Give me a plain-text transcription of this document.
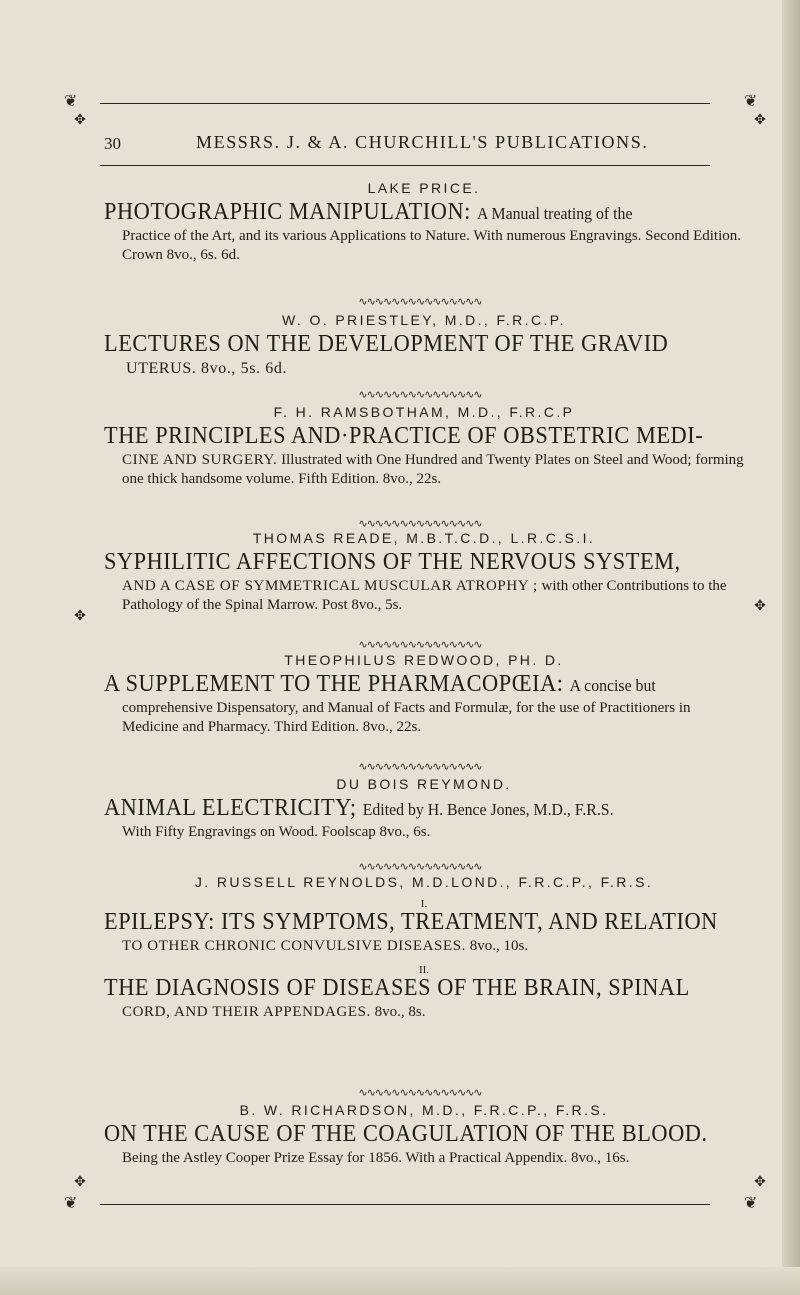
❦	❦
30	MESSRS. J. & A. CHURCHILL'S PUBLICATIONS.
✥
✥
✥
✥
✥
✥

LAKE PRICE.

PHOTOGRAPHIC MANIPULATION: A Manual treating of the

Practice of the Art, and its various Applications to Nature. With numerous Engravings. Second Edition. Crown 8vo., 6s. 6d.

∿∿∿∿∿∿∿∿∿∿∿∿∿∿∿

W. O. PRIESTLEY, M.D., F.R.C.P.

LECTURES ON THE DEVELOPMENT OF THE GRAVID

UTERUS. 8vo., 5s. 6d.

∿∿∿∿∿∿∿∿∿∿∿∿∿∿∿

F. H. RAMSBOTHAM, M.D., F.R.C.P

THE PRINCIPLES AND·PRACTICE OF OBSTETRIC MEDI-

CINE AND SURGERY. Illustrated with One Hundred and Twenty Plates on Steel and Wood; forming one thick handsome volume. Fifth Edition. 8vo., 22s.

∿∿∿∿∿∿∿∿∿∿∿∿∿∿∿

THOMAS READE, M.B.T.C.D., L.R.C.S.I.

SYPHILITIC AFFECTIONS OF THE NERVOUS SYSTEM,

AND A CASE OF SYMMETRICAL MUSCULAR ATROPHY ; with other Contributions to the Pathology of the Spinal Marrow. Post 8vo., 5s.

∿∿∿∿∿∿∿∿∿∿∿∿∿∿∿

THEOPHILUS REDWOOD, PH. D.

A SUPPLEMENT TO THE PHARMACOPŒIA: A concise but

comprehensive Dispensatory, and Manual of Facts and Formulæ, for the use of Practitioners in Medicine and Pharmacy. Third Edition. 8vo., 22s.

∿∿∿∿∿∿∿∿∿∿∿∿∿∿∿

DU BOIS REYMOND.

ANIMAL ELECTRICITY; Edited by H. Bence Jones, M.D., F.R.S.

With Fifty Engravings on Wood. Foolscap 8vo., 6s.

∿∿∿∿∿∿∿∿∿∿∿∿∿∿∿

J. RUSSELL REYNOLDS, M.D.LOND., F.R.C.P., F.R.S.

I.

EPILEPSY: ITS SYMPTOMS, TREATMENT, AND RELATION

TO OTHER CHRONIC CONVULSIVE DISEASES. 8vo., 10s.

II.

THE DIAGNOSIS OF DISEASES OF THE BRAIN, SPINAL

CORD, AND THEIR APPENDAGES. 8vo., 8s.

∿∿∿∿∿∿∿∿∿∿∿∿∿∿∿

B. W. RICHARDSON, M.D., F.R.C.P., F.R.S.

ON THE CAUSE OF THE COAGULATION OF THE BLOOD.

Being the Astley Cooper Prize Essay for 1856. With a Practical Appendix. 8vo., 16s.

❦	❦
